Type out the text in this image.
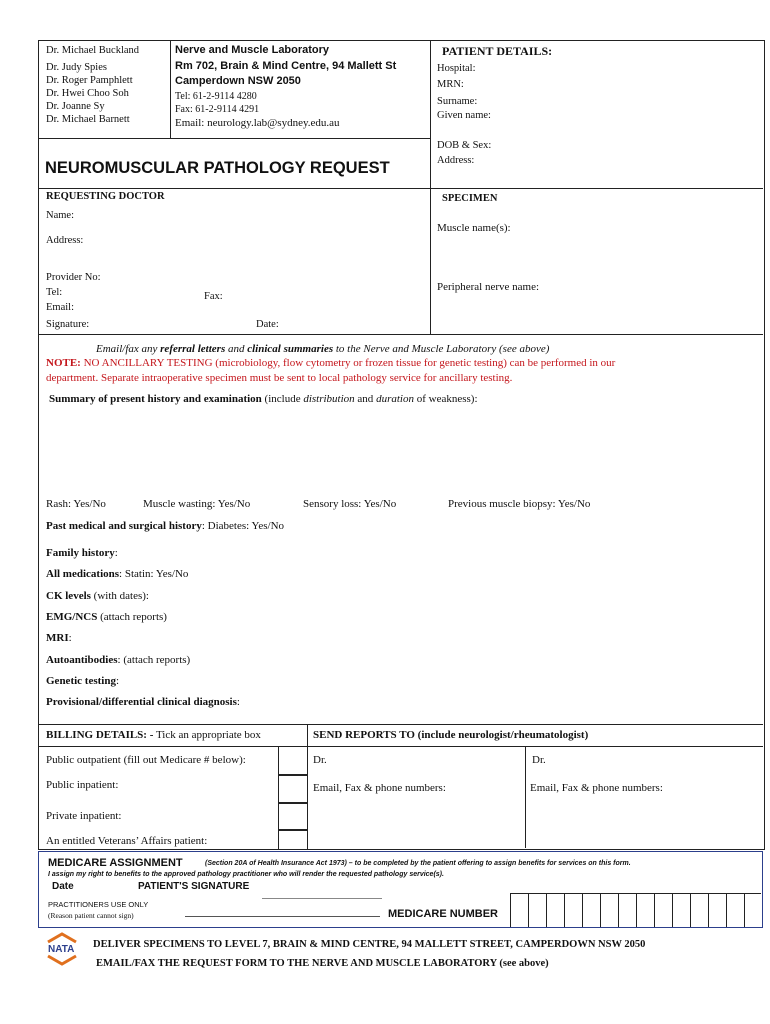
Dr. Michael Buckland
Dr. Judy Spies
Dr. Roger Pamphlett
Dr. Hwei Choo Soh
Dr. Joanne Sy
Dr. Michael Barnett
Nerve and Muscle Laboratory
Rm 702, Brain & Mind Centre, 94 Mallett St
Camperdown NSW 2050
Tel: 61-2-9114 4280
Fax: 61-2-9114 4291
Email: neurology.lab@sydney.edu.au
NEUROMUSCULAR PATHOLOGY REQUEST
PATIENT DETAILS:
Hospital:
MRN:
Surname:
Given name:
DOB & Sex:
Address:
REQUESTING DOCTOR
Name:
Address:
Provider No:
Tel:	Fax:
Email:
Signature:	Date:
SPECIMEN
Muscle name(s):
Peripheral nerve name:
Email/fax any referral letters and clinical summaries to the Nerve and Muscle Laboratory (see above)
NOTE: NO ANCILLARY TESTING (microbiology, flow cytometry or frozen tissue for genetic testing) can be performed in our
department. Separate intraoperative specimen must be sent to local pathology service for ancillary testing.
Summary of present history and examination (include distribution and duration of weakness):
Rash: Yes/No	Muscle wasting: Yes/No	Sensory loss: Yes/No	Previous muscle biopsy: Yes/No
Past medical and surgical history: Diabetes: Yes/No
Family history:
All medications: Statin: Yes/No
CK levels (with dates):
EMG/NCS (attach reports)
MRI:
Autoantibodies: (attach reports)
Genetic testing:
Provisional/differential clinical diagnosis:
BILLING DETAILS: - Tick an appropriate box
Public outpatient (fill out Medicare # below):
Public inpatient:
Private inpatient:
An entitled Veterans’ Affairs patient:
SEND REPORTS TO (include neurologist/rheumatologist)
Dr.	Dr.
Email, Fax & phone numbers:	Email, Fax & phone numbers:
MEDICARE ASSIGNMENT	(Section 20A of Health Insurance Act 1973) – to be completed by the patient offering to assign benefits for services on this form.
I assign my right to benefits to the approved pathology practitioner who will render the requested pathology service(s).
Date	PATIENT'S SIGNATURE
PRACTITIONERS USE ONLY
(Reason patient cannot sign)	MEDICARE NUMBER
NATA DELIVER SPECIMENS TO LEVEL 7, BRAIN & MIND CENTRE, 94 MALLETT STREET, CAMPERDOWN NSW 2050
EMAIL/FAX THE REQUEST FORM TO THE NERVE AND MUSCLE LABORATORY (see above)
